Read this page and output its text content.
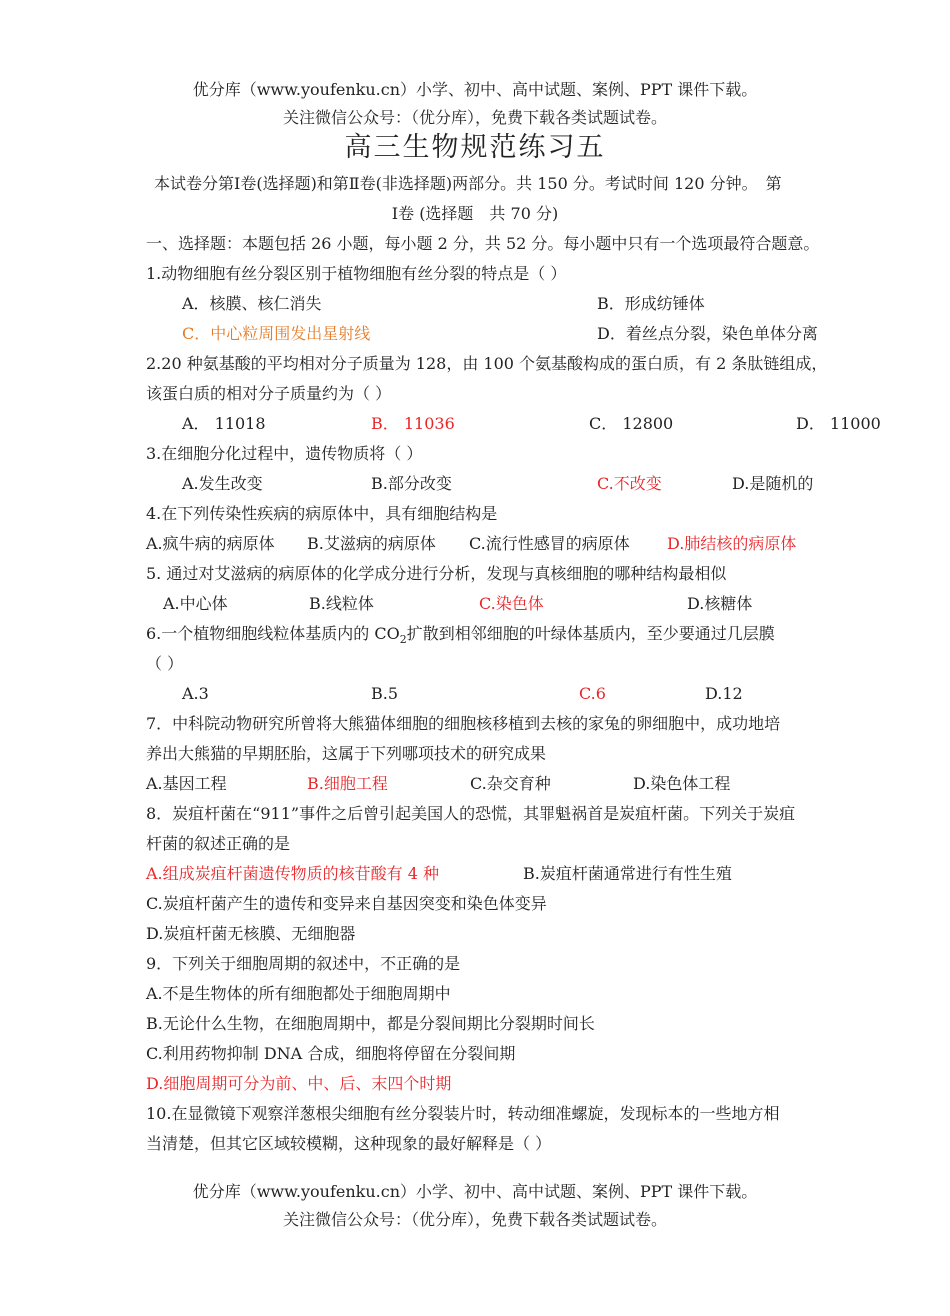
优分库（www.youfenku.cn）小学、初中、高中试题、案例、PPT 课件下载。
关注微信公众号：（优分库），免费下载各类试题试卷。
高三生物规范练习五
本试卷分第Ⅰ卷(选择题)和第Ⅱ卷(非选择题)两部分。共 150 分。考试时间 120 分钟。　第
Ⅰ卷 (选择题　共 70 分)
一、选择题：本题包括 26 小题，每小题 2 分，共 52 分。每小题中只有一个选项最符合题意。
1.动物细胞有丝分裂区别于植物细胞有丝分裂的特点是（ ）
A．核膜、核仁消失	B．形成纺锤体
C．中心粒周围发出星射线	D．着丝点分裂，染色单体分离
2.20 种氨基酸的平均相对分子质量为 128，由 100 个氨基酸构成的蛋白质，有 2 条肽链组成，
该蛋白质的相对分子质量约为（ ）
A． 11018	B． 11036	C． 12800	D． 11000
3.在细胞分化过程中，遗传物质将（ ）
A.发生改变	B.部分改变	C.不改变	D.是随机的
4.在下列传染性疾病的病原体中，具有细胞结构是
A.疯牛病的病原体 B.艾滋病的病原体 C.流行性感冒的病原体 D.肺结核的病原体
5. 通过对艾滋病的病原体的化学成分进行分析，发现与真核细胞的哪种结构最相似
A.中心体	B.线粒体	C.染色体	D.核糖体
6.一个植物细胞线粒体基质内的 $CO_2$扩散到相邻细胞的叶绿体基质内，至少要通过几层膜
（ ）
A.3	B.5	C.6	D.12
7．中科院动物研究所曾将大熊猫体细胞的细胞核移植到去核的家兔的卵细胞中，成功地培
养出大熊猫的早期胚胎，这属于下列哪项技术的研究成果
A.基因工程	B.细胞工程	C.杂交育种	D.染色体工程
8．炭疽杆菌在“911”事件之后曾引起美国人的恐慌，其罪魁祸首是炭疽杆菌。下列关于炭疽
杆菌的叙述正确的是
A.组成炭疽杆菌遗传物质的核苷酸有 4 种	B.炭疽杆菌通常进行有性生殖
C.炭疽杆菌产生的遗传和变异来自基因突变和染色体变异
D.炭疽杆菌无核膜、无细胞器
9．下列关于细胞周期的叙述中，不正确的是
A.不是生物体的所有细胞都处于细胞周期中
B.无论什么生物，在细胞周期中，都是分裂间期比分裂期时间长
C.利用药物抑制 DNA 合成，细胞将停留在分裂间期
D.细胞周期可分为前、中、后、末四个时期
10.在显微镜下观察洋葱根尖细胞有丝分裂装片时，转动细准螺旋，发现标本的一些地方相
当清楚，但其它区域较模糊，这种现象的最好解释是（ ）
优分库（www.youfenku.cn）小学、初中、高中试题、案例、PPT 课件下载。
关注微信公众号：（优分库），免费下载各类试题试卷。
